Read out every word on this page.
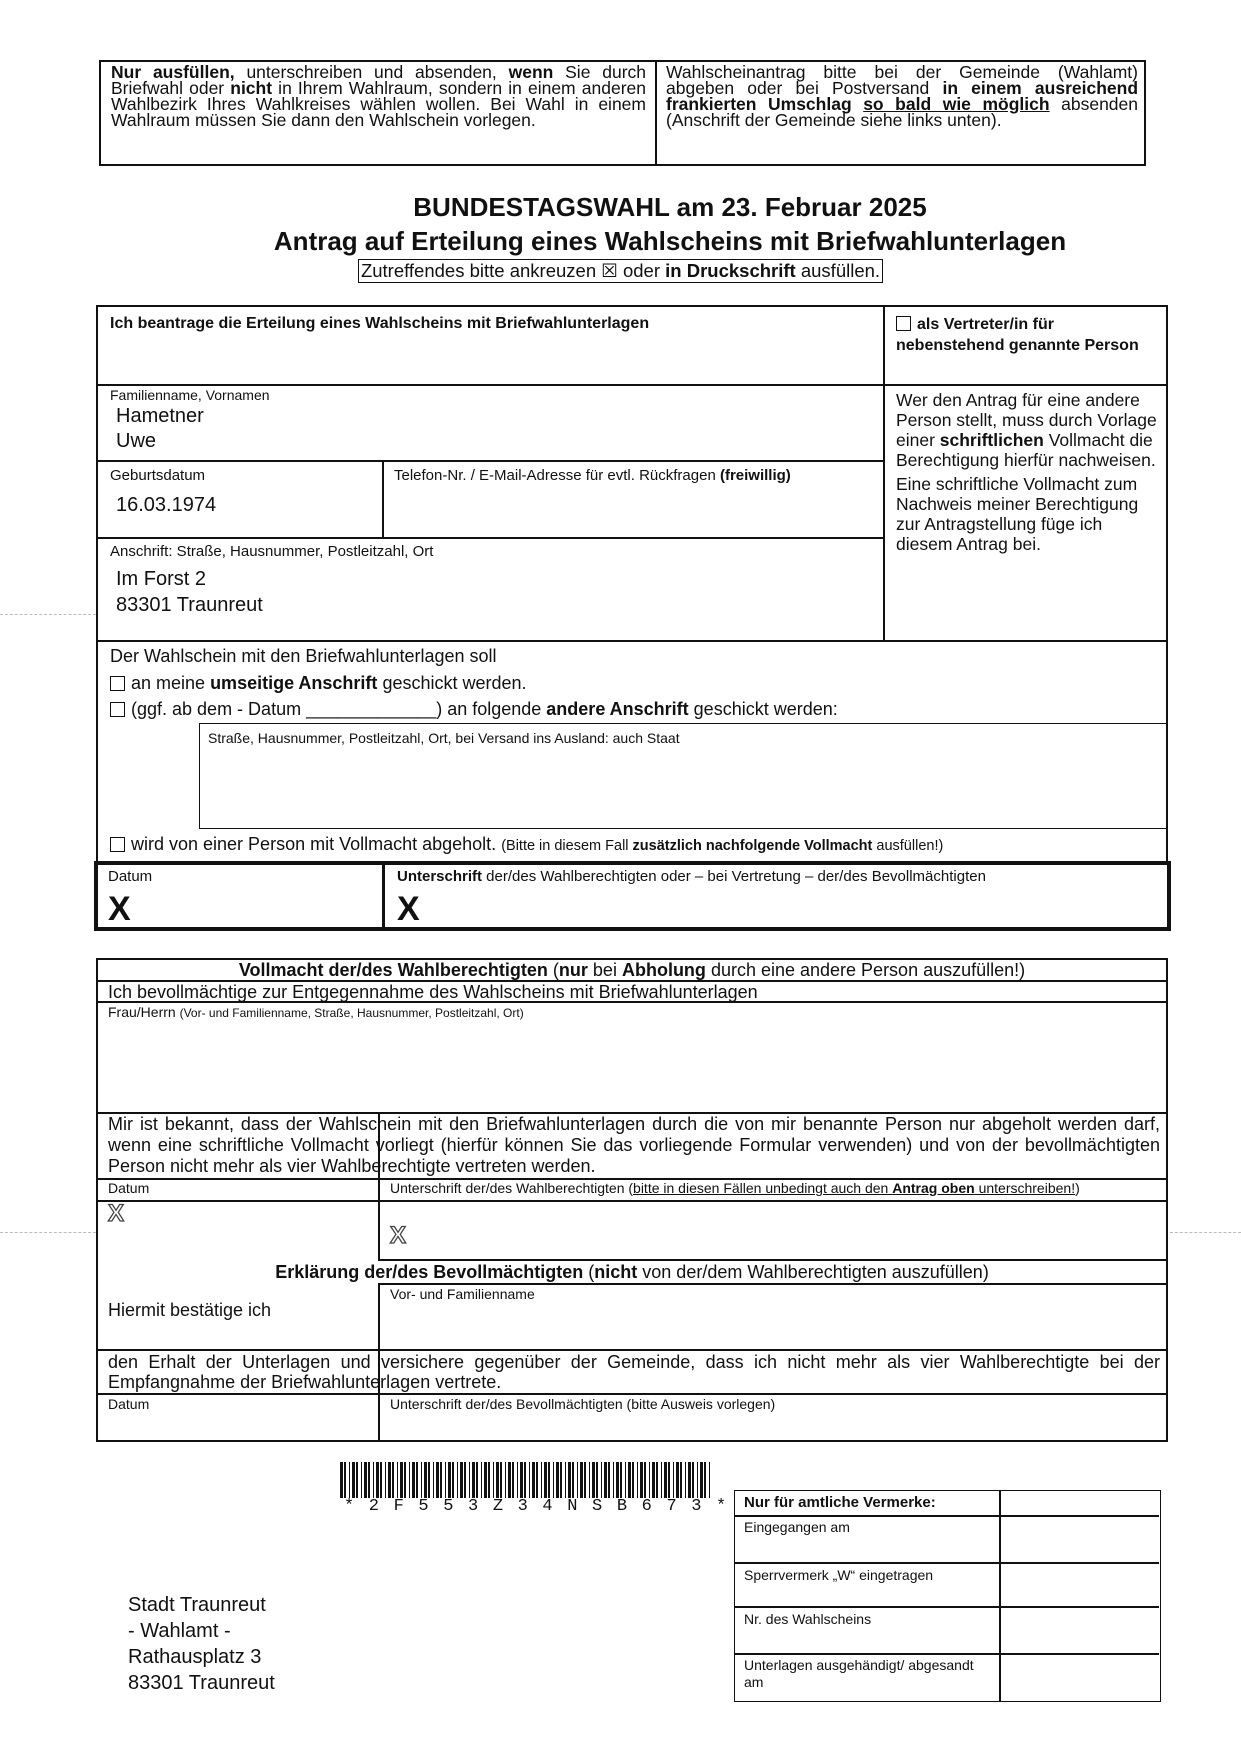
Nur ausfüllen, unterschreiben und absenden, wenn Sie durch Briefwahl oder nicht in Ihrem Wahlraum, sondern in einem anderen Wahlbezirk Ihres Wahlkreises wählen wollen. Bei Wahl in einem Wahlraum müssen Sie dann den Wahlschein vorlegen.
Wahlscheinantrag bitte bei der Gemeinde (Wahlamt) abgeben oder bei Postversand in einem ausreichend frankierten Umschlag so bald wie möglich absenden (Anschrift der Gemeinde siehe links unten).
BUNDESTAGSWAHL am 23. Februar 2025
Antrag auf Erteilung eines Wahlscheins mit Briefwahlunterlagen
Zutreffendes bitte ankreuzen ☒ oder in Druckschrift ausfüllen.
Ich beantrage die Erteilung eines Wahlscheins mit Briefwahlunterlagen	als Vertreter/in für nebenstehend genannte Person
Familienname, Vornamen
Hametner
Uwe
Geburtsdatum
16.03.1974
Telefon-Nr. / E-Mail-Adresse für evtl. Rückfragen (freiwillig)
Anschrift: Straße, Hausnummer, Postleitzahl, Ort
Im Forst 2
83301 Traunreut
Wer den Antrag für eine andere Person stellt, muss durch Vorlage einer schriftlichen Vollmacht die Berechtigung hierfür nachweisen.
Eine schriftliche Vollmacht zum Nachweis meiner Berechtigung zur Antragstellung füge ich diesem Antrag bei.
Der Wahlschein mit den Briefwahlunterlagen soll
an meine umseitige Anschrift geschickt werden.
(ggf. ab dem - Datum _____________) an folgende andere Anschrift geschickt werden:
Straße, Hausnummer, Postleitzahl, Ort, bei Versand ins Ausland: auch Staat
wird von einer Person mit Vollmacht abgeholt. (Bitte in diesem Fall zusätzlich nachfolgende Vollmacht ausfüllen!)
Datum
X
Unterschrift der/des Wahlberechtigten oder – bei Vertretung – der/des Bevollmächtigten
X
Vollmacht der/des Wahlberechtigten (nur bei Abholung durch eine andere Person auszufüllen!)
Ich bevollmächtige zur Entgegennahme des Wahlscheins mit Briefwahlunterlagen
Frau/Herrn (Vor- und Familienname, Straße, Hausnummer, Postleitzahl, Ort)
Mir ist bekannt, dass der Wahlschein mit den Briefwahlunterlagen durch die von mir benannte Person nur abgeholt werden darf, wenn eine schriftliche Vollmacht vorliegt (hierfür können Sie das vorliegende Formular verwenden) und von der bevollmächtigten Person nicht mehr als vier Wahlberechtigte vertreten werden.
Datum
X
Unterschrift der/des Wahlberechtigten (bitte in diesen Fällen unbedingt auch den Antrag oben unterschreiben!)
X
Erklärung der/des Bevollmächtigten (nicht von der/dem Wahlberechtigten auszufüllen)
Hiermit bestätige ich
Vor- und Familienname
den Erhalt der Unterlagen und versichere gegenüber der Gemeinde, dass ich nicht mehr als vier Wahlberechtigte bei der Empfangnahme der Briefwahlunterlagen vertrete.
Datum	Unterschrift der/des Bevollmächtigten (bitte Ausweis vorlegen)
* 2 F 5 5 3 Z 3 4 N S B 6 7 3 *
Stadt Traunreut
- Wahlamt -
Rathausplatz 3
83301 Traunreut
Nur für amtliche Vermerke:
Eingegangen am
Sperrvermerk „W“ eingetragen
Nr. des Wahlscheins
Unterlagen ausgehändigt/ abgesandt am
